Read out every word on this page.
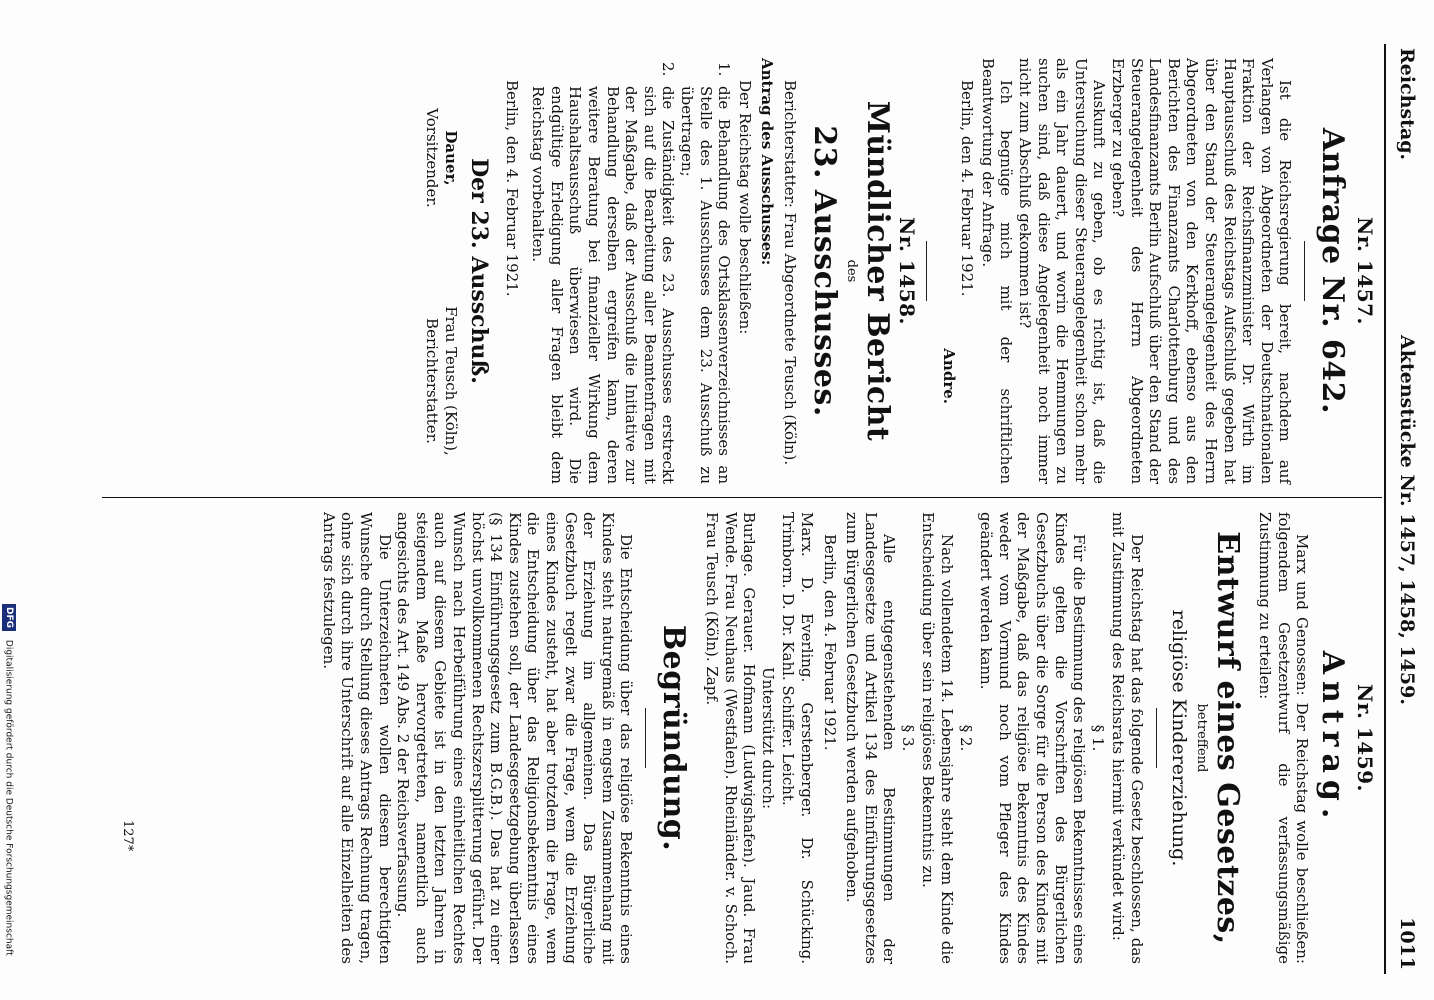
Reichstag.
Aktenstücke Nr. 1457, 1458, 1459.
1011

Nr. 1457.

Anfrage Nr. 642.

Ist die Reichsregierung bereit, nachdem auf Verlangen von Abgeordneten der Deutschnationalen Fraktion der Reichsfinanzminister Dr. Wirth im Hauptausschuß des Reichstags Aufschluß gegeben hat über den Stand der Steuerangelegenheit des Herrn Abgeordneten von den Kerkhoff, ebenso aus den Berichten des Finanzamts Charlottenburg und des Landesfinanzamts Berlin Aufschluß über den Stand der Steuerangelegenheit des Herrn Abgeordneten Erzberger zu geben?

Auskunft zu geben, ob es richtig ist, daß die Untersuchung dieser Steuerangelegenheit schon mehr als ein Jahr dauert, und worin die Hemmungen zu suchen sind, daß diese Angelegenheit noch immer nicht zum Abschluß gekommen ist?

Ich begnüge mich mit der schriftlichen Beantwortung der Anfrage.

Berlin, den 4. Februar 1921.

Andre.

Nr. 1458.

Mündlicher Bericht

des

23. Ausschusses.

Berichterstatter: Frau Abgeordnete Teusch (Köln).

Antrag des Ausschusses:

Der Reichstag wolle beschließen:

1.
die Behandlung des Ortsklassenverzeichnisses an Stelle des 1. Ausschusses dem 23. Ausschuß zu übertragen;
2.
die Zuständigkeit des 23. Ausschusses erstreckt sich auf die Bearbeitung aller Beamtenfragen mit der Maßgabe, daß der Ausschuß die Initiative zur Behandlung derselben ergreifen kann, deren weitere Beratung bei finanzieller Wirkung dem Haushaltsausschuß überwiesen wird. Die endgültige Erledigung aller Fragen bleibt dem Reichstag vorbehalten.

Berlin, den 4. Februar 1921.

Der 23. Ausschuß.

Dauer,
Vorsitzender.
Frau Teusch (Köln),
Berichterstatter.

Nr. 1459.

Antrag.

Marx und Genossen: Der Reichstag wolle beschließen: folgendem Gesetzentwurf die verfassungsmäßige Zustimmung zu erteilen:

Entwurf eines Gesetzes,

betreffend

religiöse Kindererziehung.

Der Reichstag hat das folgende Gesetz beschlossen, das mit Zustimmung des Reichsrats hiermit verkündet wird:

§ 1.

Für die Bestimmung des religiösen Bekenntnisses eines Kindes gelten die Vorschriften des Bürgerlichen Gesetzbuchs über die Sorge für die Person des Kindes mit der Maßgabe, daß das religiöse Bekenntnis des Kindes weder vom Vormund noch vom Pfleger des Kindes geändert werden kann.

§ 2.

Nach vollendetem 14. Lebensjahre steht dem Kinde die Entscheidung über sein religiöses Bekenntnis zu.

§ 3.

Alle entgegenstehenden Bestimmungen der Landesgesetze und Artikel 134 des Einführungsgesetzes zum Bürgerlichen Gesetzbuch werden aufgehoben.

Berlin, den 4. Februar 1921.

Marx. D. Everling. Gerstenberger. Dr. Schücking. Trimborn. D. Dr. Kahl. Schiffer. Leicht.

Unterstützt durch:

Burlage. Gerauer. Hofmann (Ludwigshafen). Jaud. Frau Wende. Frau Neuhaus (Westfalen). Rheinländer. v. Schoch. Frau Teusch (Köln). Zapf.

Begründung.

Die Entscheidung über das religiöse Bekenntnis eines Kindes steht naturgemäß in engstem Zusammenhang mit der Erziehung im allgemeinen. Das Bürgerliche Gesetzbuch regelt zwar die Frage, wem die Erziehung eines Kindes zusteht, hat aber trotzdem die Frage, wem die Entscheidung über das Religionsbekenntnis eines Kindes zustehen soll, der Landesgesetzgebung überlassen (§ 134 Einführungsgesetz zum B.G.B.). Das hat zu einer höchst unvollkommenen Rechtszersplitterung geführt. Der Wunsch nach Herbeiführung eines einheitlichen Rechtes auch auf diesem Gebiete ist in den letzten Jahren in steigendem Maße hervorgetreten, namentlich auch angesichts des Art. 149 Abs. 2 der Reichsverfassung.

Die Unterzeichneten wollen diesem berechtigten Wunsche durch Stellung dieses Antrags Rechnung tragen, ohne sich durch ihre Unterschrift auf alle Einzelheiten des Antrags festzulegen.

127*
DFG Digitalisierung gefördert durch die Deutsche Forschungsgemeinschaft
